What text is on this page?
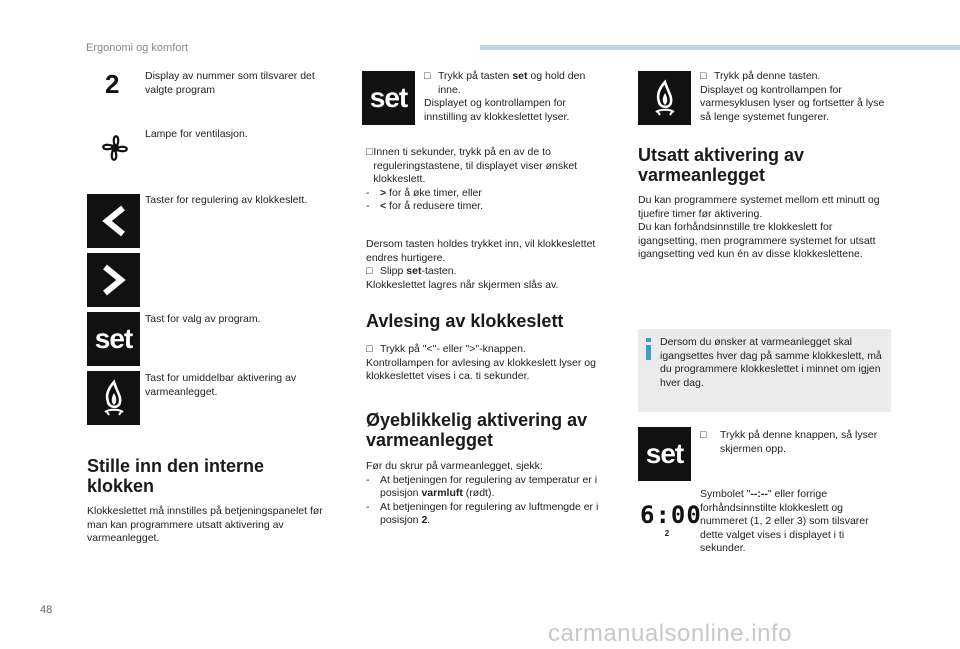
Ergonomi og komfort
2 Display av nummer som tilsvarer det valgte program
Lampe for ventilasjon.
Taster for regulering av klokkeslett.
set
Tast for valg av program.
Tast for umiddelbar aktivering av varmeanlegget.
Stille inn den interne
klokken
Klokkeslettet må innstilles på betjeningspanelet før man kan programmere utsatt aktivering av varmeanlegget.
set
□ Trykk på tasten set og hold den
inne.
Displayet og kontrollampen for innstilling av klokkeslettet lyser.
□ Innen ti sekunder, trykk på en av de to reguleringstastene, til displayet viser ønsket klokkeslett.
- > for å øke timer, eller
- < for å redusere timer.
Dersom tasten holdes trykket inn, vil klokkeslettet endres hurtigere.
□ Slipp set-tasten.
Klokkeslettet lagres når skjermen slås av.
Avlesing av klokkeslett
□ Trykk på "<"- eller ">"-knappen.
Kontrollampen for avlesing av klokkeslett lyser og klokkeslettet vises i ca. ti sekunder.
Øyeblikkelig aktivering av
varmeanlegget
Før du skrur på varmeanlegget, sjekk:
-	At betjeningen for regulering av temperatur er i posisjon varmluft (rødt).
-	At betjeningen for regulering av luftmengde er i posisjon 2.
□ Trykk på denne tasten.
Displayet og kontrollampen for varmesyklusen lyser og fortsetter å lyse så lenge systemet fungerer.
Utsatt aktivering av
varmeanlegget
Du kan programmere systemet mellom ett minutt og tjuefire timer før aktivering.
Du kan forhåndsinnstille tre klokkeslett for igangsetting, men programmere systemet for utsatt igangsetting ved kun én av disse klokkeslettene.
Dersom du ønsker at varmeanlegget skal igangsettes hver dag på samme klokkeslett, må du programmere klokkeslettet i minnet om igjen hver dag.
set
□	Trykk på denne knappen, så lyser skjermen opp.
6:00
2
Symbolet "--:--" eller forrige forhåndsinnstilte klokkeslett og nummeret (1, 2 eller 3) som tilsvarer dette valget vises i displayet i ti sekunder.
48
carmanualsonline.info
